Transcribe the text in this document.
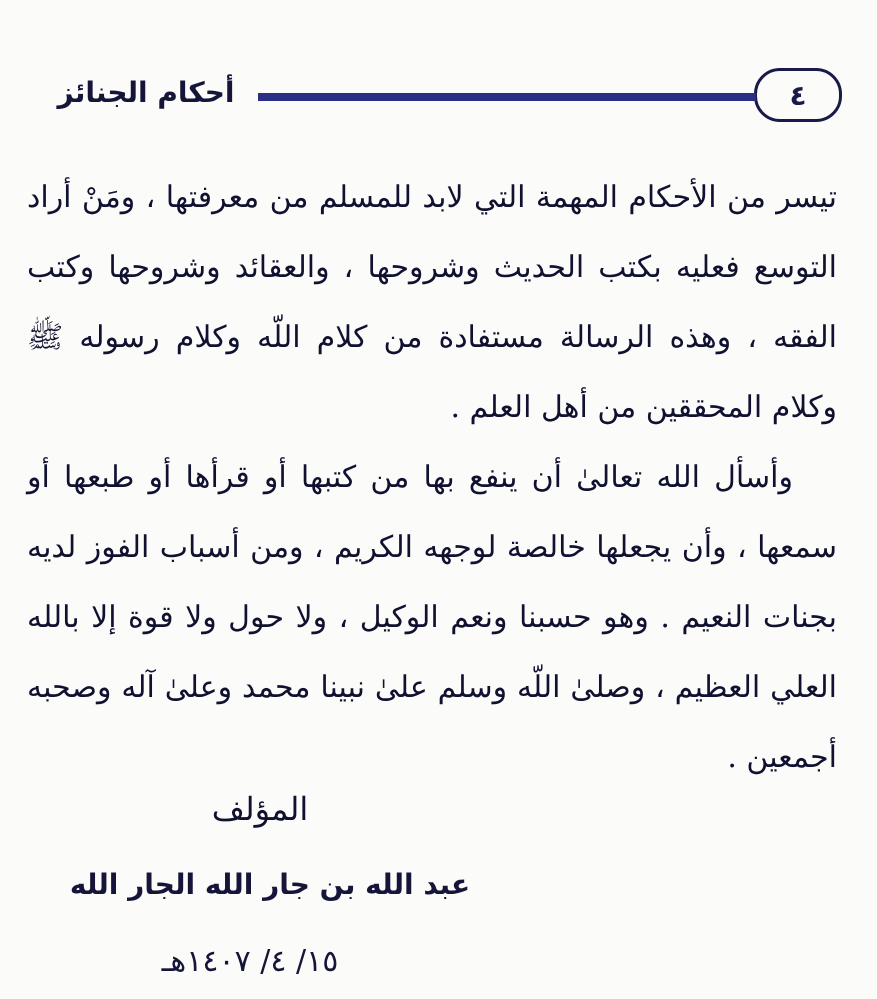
٤
أحكام الجنائز

تيسر من الأحكام المهمة التي لابد للمسلم من معرفتها ، ومَنْ أراد التوسع فعليه بكتب الحديث وشروحها ، والعقائد وشروحها وكتب الفقه ، وهذه الرسالة مستفادة من كلام اللّه وكلام رسوله ﷺ وكلام المحققين من أهل العلم .

وأسأل الله تعالىٰ أن ينفع بها من كتبها أو قرأها أو طبعها أو سمعها ، وأن يجعلها خالصة لوجهه الكريم ، ومن أسباب الفوز لديه بجنات النعيم . وهو حسبنا ونعم الوكيل ، ولا حول ولا قوة إلا بالله العلي العظيم ، وصلىٰ اللّه وسلم علىٰ نبينا محمد وعلىٰ آله وصحبه أجمعين .

المؤلف
عبد الله بن جار الله الجار الله
١٥/ ٤/ ١٤٠٧هـ
